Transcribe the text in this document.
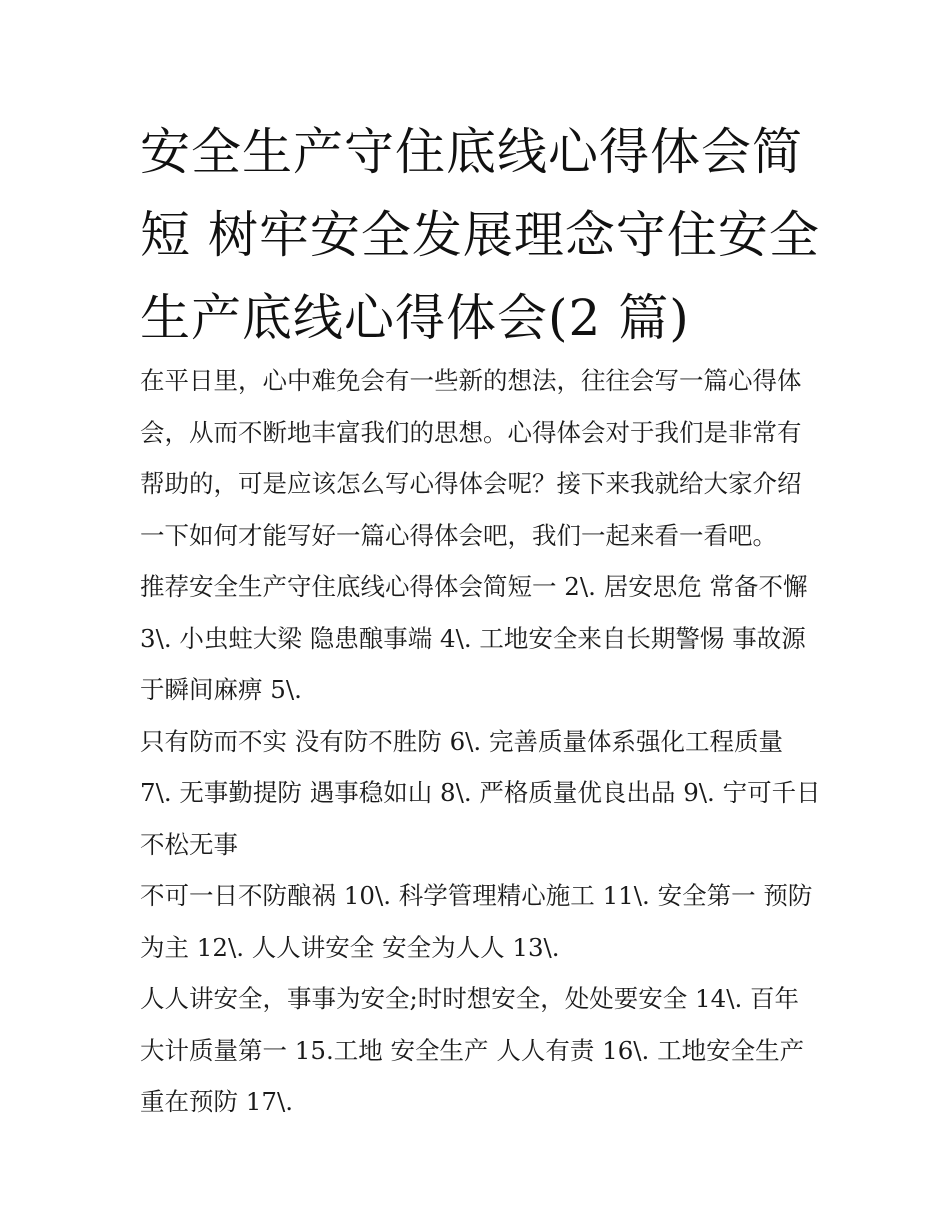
安全生产守住底线心得体会简
短 树牢安全发展理念守住安全
生产底线心得体会(2 篇)

在平日里，心中难免会有一些新的想法，往往会写一篇心得体
会，从而不断地丰富我们的思想。心得体会对于我们是非常有
帮助的，可是应该怎么写心得体会呢？接下来我就给大家介绍
一下如何才能写好一篇心得体会吧，我们一起来看一看吧。

推荐安全生产守住底线心得体会简短一 2\. 居安思危 常备不懈
3\. 小虫蛀大梁 隐患酿事端 4\. 工地安全来自长期警惕 事故源
于瞬间麻痹 5\.

只有防而不实 没有防不胜防 6\. 完善质量体系强化工程质量
7\. 无事勤提防 遇事稳如山 8\. 严格质量优良出品 9\. 宁可千日
不松无事

不可一日不防酿祸 10\. 科学管理精心施工 11\. 安全第一 预防
为主 12\. 人人讲安全 安全为人人 13\.

人人讲安全，事事为安全;时时想安全，处处要安全 14\. 百年
大计质量第一 15.工地 安全生产 人人有责 16\. 工地安全生产
重在预防 17\.
